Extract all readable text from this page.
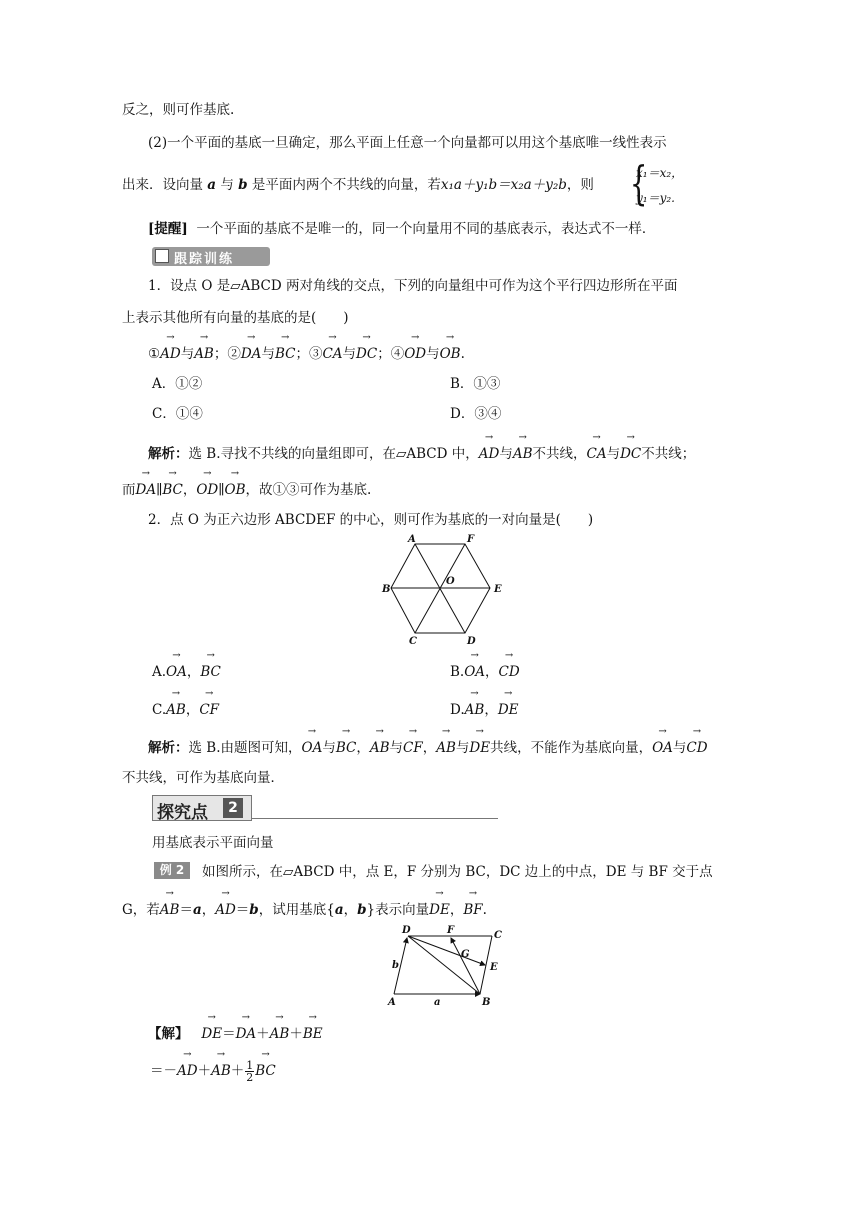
反之，则可作基底.
(2)一个平面的基底一旦确定，那么平面上任意一个向量都可以用这个基底唯一线性表示
出来．设向量 a 与 b 是平面内两个不共线的向量，若x₁a＋y₁b＝x₂a＋y₂b，则 {
x₁＝x₂，
y₁＝y₂.
[提醒] 一个平面的基底不是唯一的，同一个向量用不同的基底表示，表达式不一样．
跟踪训练
1．设点 O 是▱ABCD 两对角线的交点，下列的向量组中可作为这个平行四边形所在平面
上表示其他所有向量的基底的是(　　)
①→ AD与→ AB；②→ DA与→ BC；③→ CA与→ DC；④→ OD与→ OB.
A．①②	B．①③
C．①④	D．③④
解析：选 B.寻找不共线的向量组即可，在▱ABCD 中，→ AD与→ AB不共线，→ CA与→ DC不共线；
而→ DA∥→ BC，→ OD∥→ OB，故①③可作为基底.
2．点 O 为正六边形 ABCDEF 的中心，则可作为基底的一对向量是(　　)
A	F
B
O
E
C	D
A.→ OA，→ BC	B.→ OA，→ CD
C.→ AB，→ CF	D.→ AB，→ DE
解析：选 B.由题图可知，→ OA与→ BC，→ AB与→ CF，→ AB与→ DE共线，不能作为基底向量，→ OA与→ CD
不共线，可作为基底向量．
探究点	2
用基底表示平面向量
例 2	如图所示，在▱ABCD 中，点 E，F 分别为 BC，DC 边上的中点，DE 与 BF 交于点
G，若→ AB＝a，→ AD＝b，试用基底{a，b}表示向量→ DE，→ BF.
D	F	C
G
E
b
A	a	B
【解】 → DE＝→ DA＋→ AB＋→ BE
＝－→ $AD+\to AB+ \frac{1}{2}$ → BC
